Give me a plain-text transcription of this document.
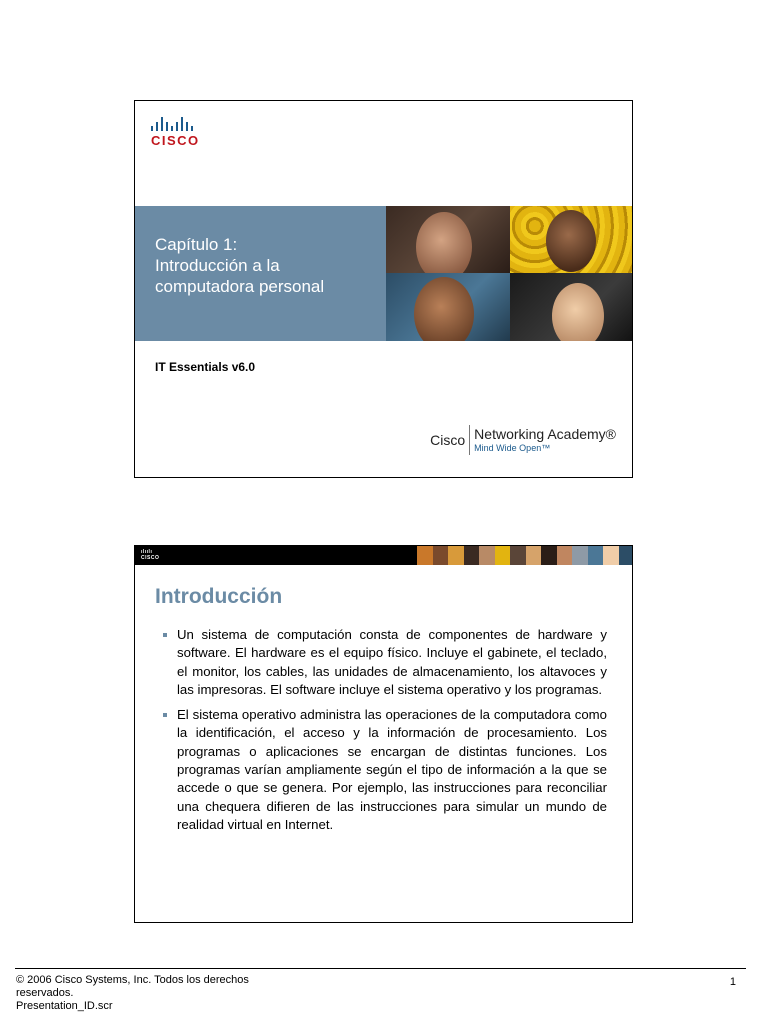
CISCO
Capítulo 1:
Introducción a la
computadora personal
IT Essentials v6.0
Cisco Networking Academy®
Mind Wide Open™
ılıılı
CISCO
Introducción
Un sistema de computación consta de componentes de hardware y software. El hardware es el equipo físico. Incluye el gabinete, el teclado, el monitor, los cables, las unidades de almacenamiento, los altavoces y las impresoras. El software incluye el sistema operativo y los programas.
El sistema operativo administra las operaciones de la computadora como la identificación, el acceso y la información de procesamiento. Los programas o aplicaciones se encargan de distintas funciones. Los programas varían ampliamente según el tipo de información a la que se accede o que se genera. Por ejemplo, las instrucciones para reconciliar una chequera difieren de las instrucciones para simular un mundo de realidad virtual en Internet.
© 2006 Cisco Systems, Inc. Todos los derechos reservados.
Presentation_ID.scr
1
